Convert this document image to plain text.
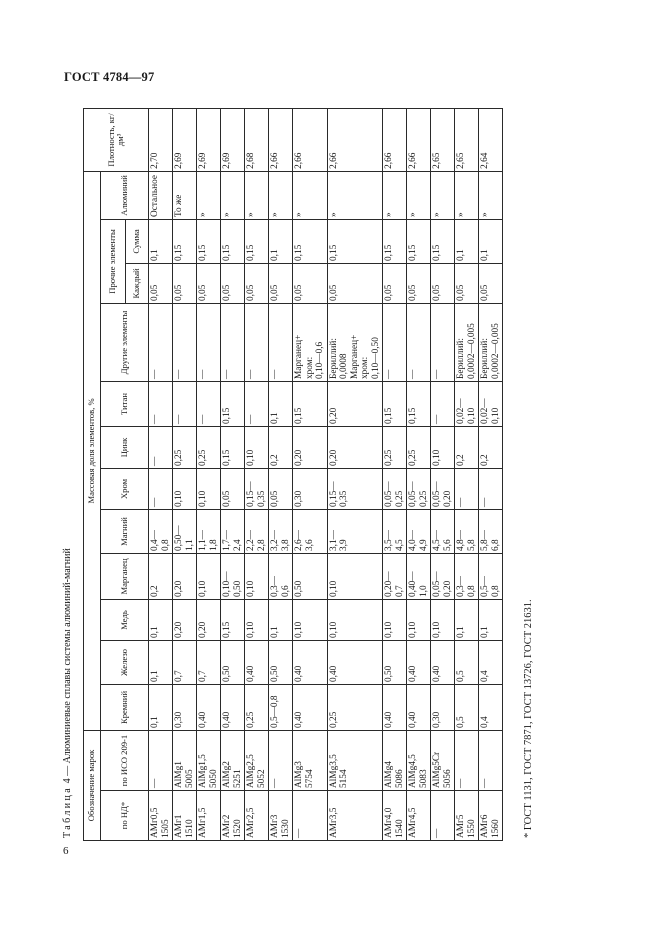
ГОСТ 4784—97
Таблица 4 — Алюминиевые сплавы системы алюминий-магний
Обозначение марок		Массовая доля элементов, %												Плотность, кг/дм³
по НД*	по ИСО 209-1	Кремний	Железо	Медь	Марганец	Магний	Хром	Цинк	Титан	Другие элементы	Прочие элементы		Алюминий	
											Каждый	Сумма		

АМг0,5 1505	—	0,1	0,1	0,1	0,2	0,4— 0,8	—	—	—	—	0,05	0,1	Остальное	2,70

АМг1 1510	AlMg1 5005	0,30	0,7	0,20	0,20	0,50— 1,1	0,10	0,25	—	—	0,05	0,15	То же	2,69

АМг1,5	AlMg1,5 5050	0,40	0,7	0,20	0,10	1,1— 1,8	0,10	0,25	—	—	0,05	0,15	»	2,69

АМг2 1520	AlMg2 5251	0,40	0,50	0,15	0,10— 0,50	1,7— 2,4	0,05	0,15	0,15	—	0,05	0,15	»	2,69

АМг2,5	AlMg2,5 5052	0,25	0,40	0,10	0,10	2,2— 2,8	0,15— 0,35	0,10	—	—	0,05	0,15	»	2,68

АМг3 1530	—	0,5—0,8	0,50	0,1	0,3— 0,6	3,2— 3,8	0,05	0,2	0,1	—	0,05	0,1	»	2,66

—	AlMg3 5754	0,40	0,40	0,10	0,50	2,6— 3,6	0,30	0,20	0,15	Марганец+ хром: 0,10—0,6	0,05	0,15	»	2,66

АМг3,5	AlMg3,5 5154	0,25	0,40	0,10	0,10	3,1— 3,9	0,15— 0,35	0,20	0,20	Бериллий: 0,0008 Марганец+ хром: 0,10—0,50	0,05	0,15	»	2,66

АМг4,0 1540	AlMg4 5086	0,40	0,50	0,10	0,20— 0,7	3,5— 4,5	0,05— 0,25	0,25	0,15	—	0,05	0,15	»	2,66

АМг4,5	AlMg4,5 5083	0,40	0,40	0,10	0,40— 1,0	4,0— 4,9	0,05— 0,25	0,25	0,15	—	0,05	0,15	»	2,66

—	AlMg5Cr 5056	0,30	0,40	0,10	0,05— 0,20	4,5— 5,6	0,05— 0,20	0,10	—	—	0,05	0,15	»	2,65

АМг5 1550	—	0,5	0,5	0,1	0,3— 0,8	4,8— 5,8	—	0,2	0,02— 0,10	Бериллий: 0,0002—0,005	0,05	0,1	»	2,65

АМг6 1560	—	0,4	0,4	0,1	0,5— 0,8	5,8— 6,8	—	0,2	0,02— 0,10	Бериллий: 0,0002—0,005	0,05	0,1	»	2,64
* ГОСТ 1131, ГОСТ 7871, ГОСТ 13726, ГОСТ 21631.
6
